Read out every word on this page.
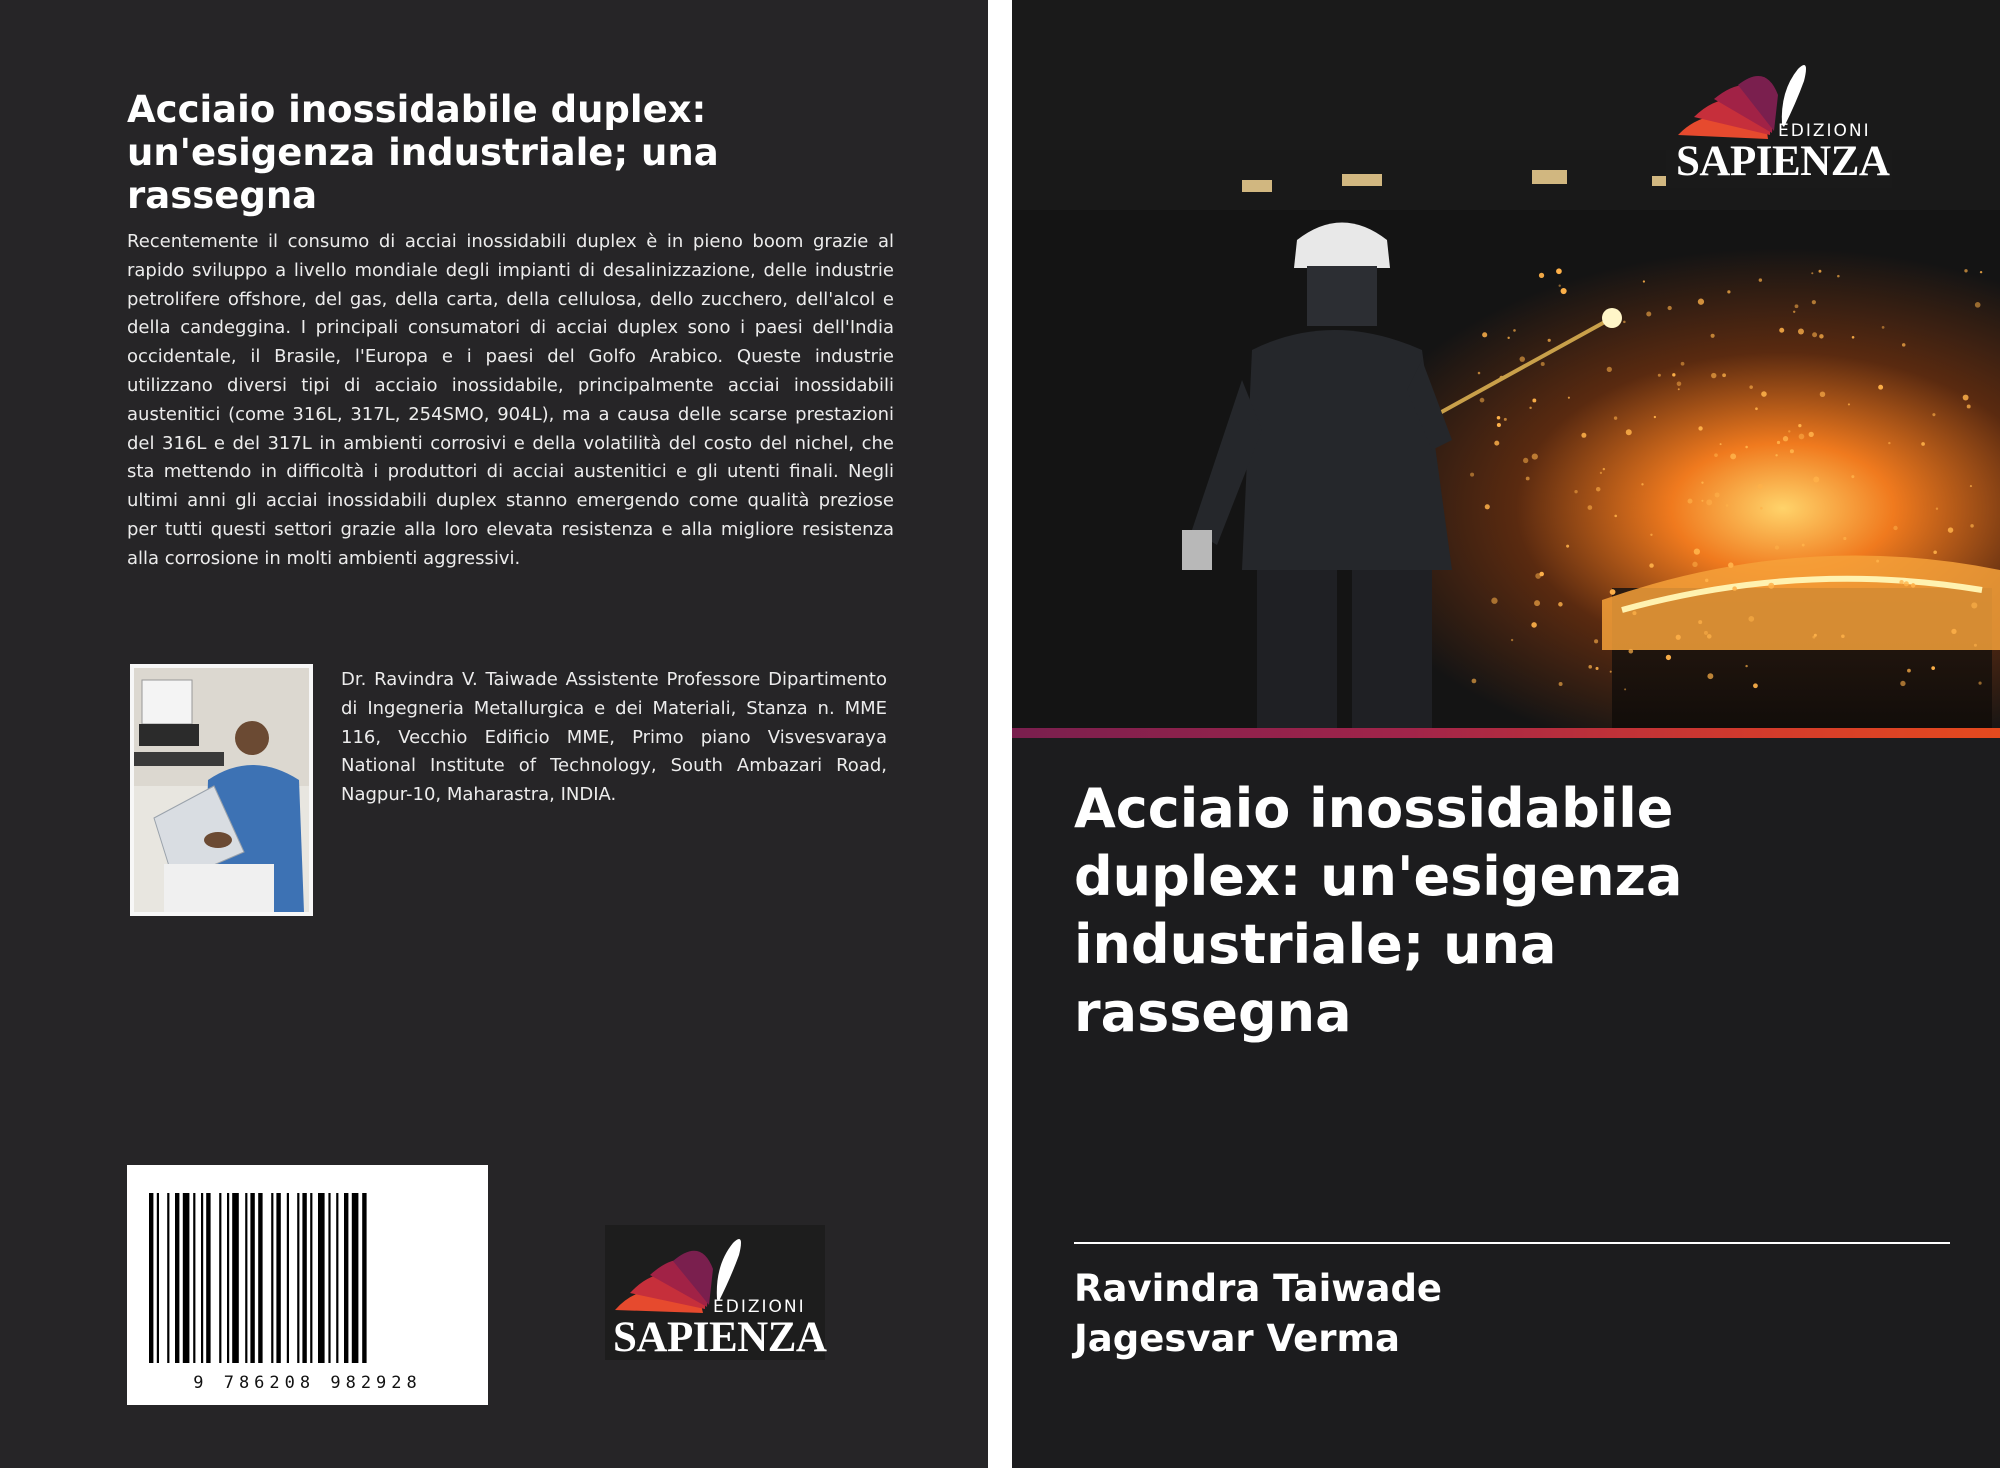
Acciaio inossidabile duplex: un'esigenza industriale; una rassegna

Recentemente il consumo di acciai inossidabili duplex è in pieno boom grazie al rapido sviluppo a livello mondiale degli impianti di desalinizzazione, delle industrie petrolifere offshore, del gas, della carta, della cellulosa, dello zucchero, dell'alcol e della candeggina. I principali consumatori di acciai duplex sono i paesi dell'India occidentale, il Brasile, l'Europa e i paesi del Golfo Arabico. Queste industrie utilizzano diversi tipi di acciaio inossidabile, principalmente acciai inossidabili austenitici (come 316L, 317L, 254SMO, 904L), ma a causa delle scarse prestazioni del 316L e del 317L in ambienti corrosivi e della volatilità del costo del nichel, che sta mettendo in difficoltà i produttori di acciai austenitici e gli utenti finali. Negli ultimi anni gli acciai inossidabili duplex stanno emergendo come qualità preziose per tutti questi settori grazie alla loro elevata resistenza e alla migliore resistenza alla corrosione in molti ambienti aggressivi.

Dr. Ravindra V. Taiwade Assistente Professore Dipartimento di Ingegneria Metallurgica e dei Materiali, Stanza n. MME 116, Vecchio Edificio MME, Primo piano Visvesvaraya National Institute of Technology, South Ambazari Road, Nagpur-10, Maharastra, INDIA.

9 786208 982928
EDIZIONI
SAPIENZA
EDIZIONI
SAPIENZA
Acciaio inossidabile duplex: un'esigenza industriale; una rassegna
Ravindra Taiwade
Jagesvar Verma
